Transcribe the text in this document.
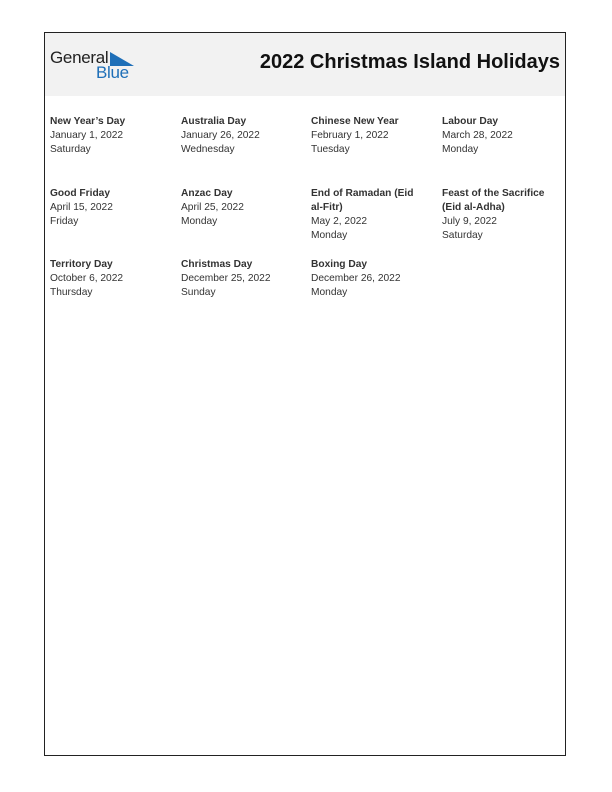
General
Blue	2022 Christmas Island Holidays
New Year’s Day
January 1, 2022
Saturday
Australia Day
January 26, 2022
Wednesday
Chinese New Year
February 1, 2022
Tuesday
Labour Day
March 28, 2022
Monday
Good Friday
April 15, 2022
Friday
Anzac Day
April 25, 2022
Monday
End of Ramadan (Eid al-Fitr)
May 2, 2022
Monday
Feast of the Sacrifice (Eid al-Adha)
July 9, 2022
Saturday
Territory Day
October 6, 2022
Thursday
Christmas Day
December 25, 2022
Sunday
Boxing Day
December 26, 2022
Monday
